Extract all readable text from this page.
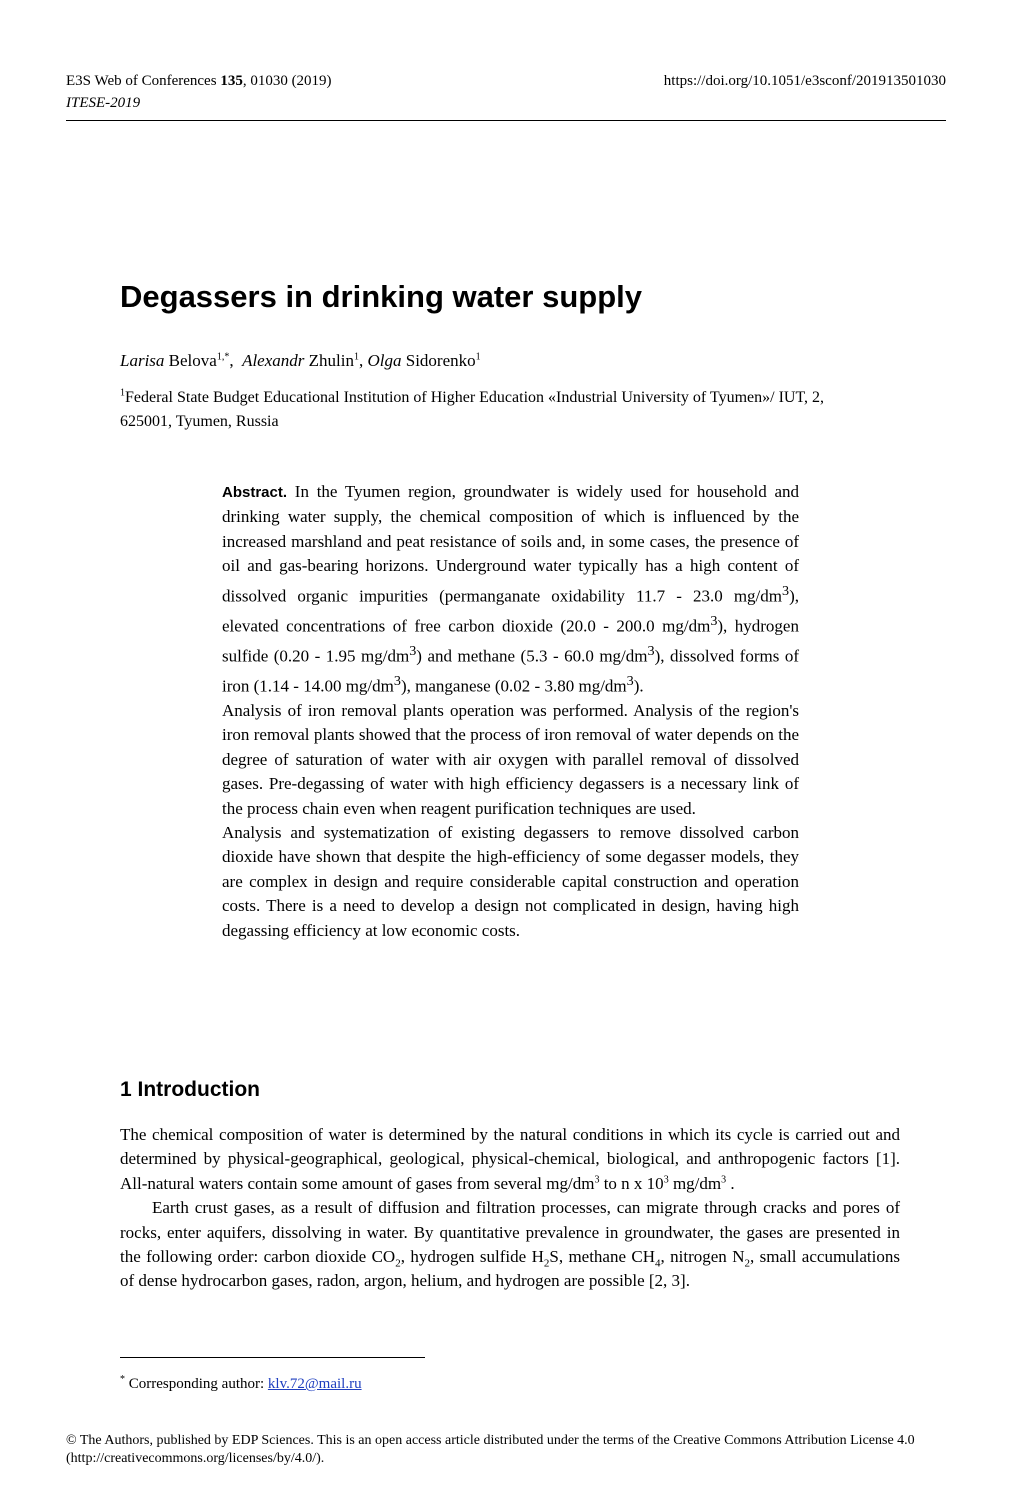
E3S Web of Conferences 135, 01030 (2019)	https://doi.org/10.1051/e3sconf/201913501030
ITESE-2019
Degassers in drinking water supply
Larisa Belova$^{1,*}$,  Alexandr Zhulin$^1$, Olga Sidorenko$^1$
$^1$Federal State Budget Educational Institution of Higher Education «Industrial University of Tyumen»/ IUT, 2, 625001, Tyumen, Russia

Abstract. In the Tyumen region, groundwater is widely used for household and drinking water supply, the chemical composition of which is influenced by the increased marshland and peat resistance of soils and, in some cases, the presence of oil and gas-bearing horizons. Underground water typically has a high content of dissolved organic impurities (permanganate oxidability 11.7 - 23.0 $mg/dm^3$), elevated concentrations of free carbon dioxide (20.0 - 200.0 $mg/dm^3$), hydrogen sulfide (0.20 - 1.95 $mg/dm^3$) and methane (5.3 - 60.0 $mg/dm^3$), dissolved forms of iron (1.14 - 14.00 $mg/dm^3$), manganese (0.02 - 3.80 $mg/dm^3$).

Analysis of iron removal plants operation was performed. Analysis of the region's iron removal plants showed that the process of iron removal of water depends on the degree of saturation of water with air oxygen with parallel removal of dissolved gases. Pre-degassing of water with high efficiency degassers is a necessary link of the process chain even when reagent purification techniques are used.

Analysis and systematization of existing degassers to remove dissolved carbon dioxide have shown that despite the high-efficiency of some degasser models, they are complex in design and require considerable capital construction and operation costs. There is a need to develop a design not complicated in design, having high degassing efficiency at low economic costs.

1 Introduction

The chemical composition of water is determined by the natural conditions in which its cycle is carried out and determined by physical-geographical, geological, physical-chemical, biological, and anthropogenic factors [1]. All-natural waters contain some amount of gases from several $mg/dm^3$ to n x $10^3$ $mg/dm^3$ .

Earth crust gases, as a result of diffusion and filtration processes, can migrate through cracks and pores of rocks, enter aquifers, dissolving in water. By quantitative prevalence in groundwater, the gases are presented in the following order: carbon dioxide $CO_2$, hydrogen sulfide $H_2S$, methane $CH_4$, nitrogen $N_2$, small accumulations of dense hydrocarbon gases, radon, argon, helium, and hydrogen are possible [2, 3].

* Corresponding author: klv.72@mail.ru
© The Authors, published by EDP Sciences. This is an open access article distributed under the terms of the Creative Commons Attribution License 4.0 (http://creativecommons.org/licenses/by/4.0/).
